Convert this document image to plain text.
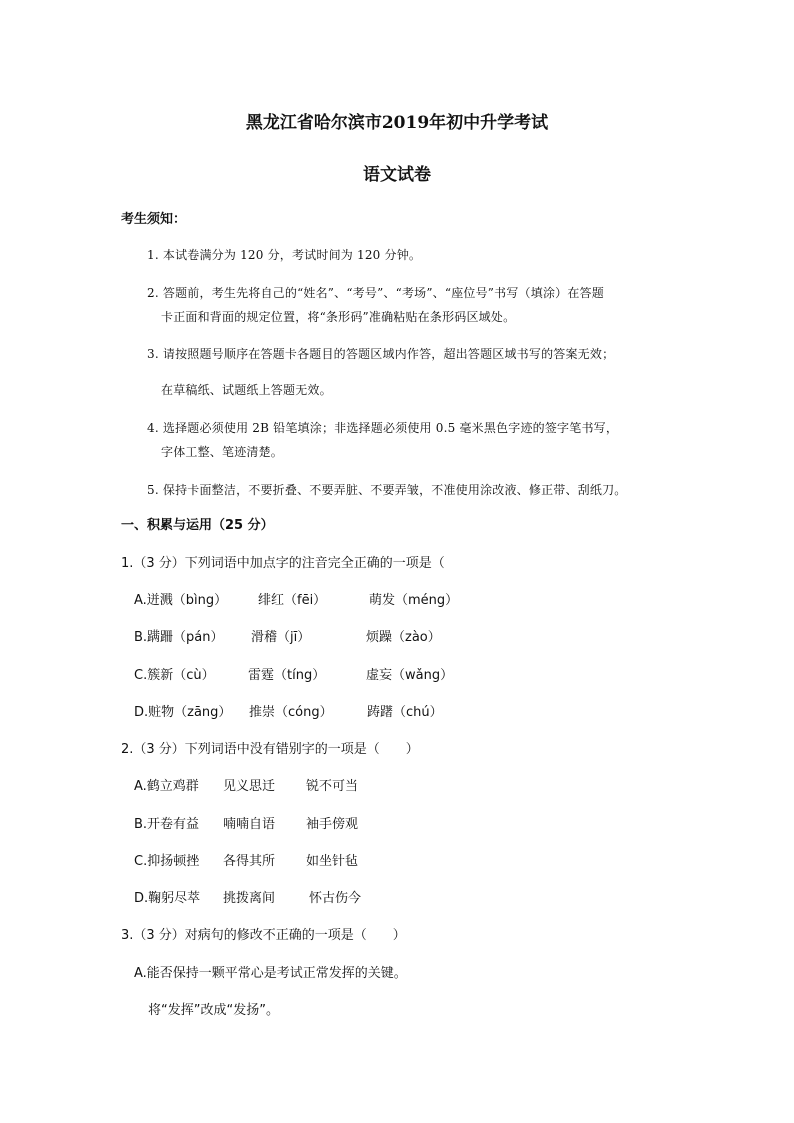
黑龙江省哈尔滨市2019年初中升学考试
语文试卷
考生须知：
1. 本试卷满分为 120 分，考试时间为 120 分钟。
2. 答题前，考生先将自己的“姓名”、“考号”、“考场”、“座位号”书写（填涂）在答题
卡正面和背面的规定位置，将“条形码”准确粘贴在条形码区域处。
3. 请按照题号顺序在答题卡各题目的答题区域内作答，超出答题区域书写的答案无效；
在草稿纸、试题纸上答题无效。
4. 选择题必须使用 2B 铅笔填涂；非选择题必须使用 0.5 毫米黑色字迹的签字笔书写，
字体工整、笔迹清楚。
5. 保持卡面整洁，不要折叠、不要弄脏、不要弄皱，不准使用涂改液、修正带、刮纸刀。
一、积累与运用（25 分）
1.（3 分）下列词语中加点字的注音完全正确的一项是（
A.迸溅（bìng） 绯红（fēi）	萌发（méng）
B.蹒跚（pán） 滑稽（jī）	烦躁（zào）
C.簇新（cù）	雷霆（tíng）	虚妄（wǎng）
D.赃物（zāng） 推崇（cóng）	踌躇（chú）
2.（3 分）下列词语中没有错别字的一项是（　　）
A.鹤立鸡群 见义思迁 锐不可当
B.开卷有益 喃喃自语 袖手傍观
C.抑扬顿挫 各得其所 如坐针毡
D.鞠躬尽萃 挑拨离间	怀古伤今
3.（3 分）对病句的修改不正确的一项是（　　）
A.能否保持一颗平常心是考试正常发挥的关键。
将“发挥”改成“发扬”。
